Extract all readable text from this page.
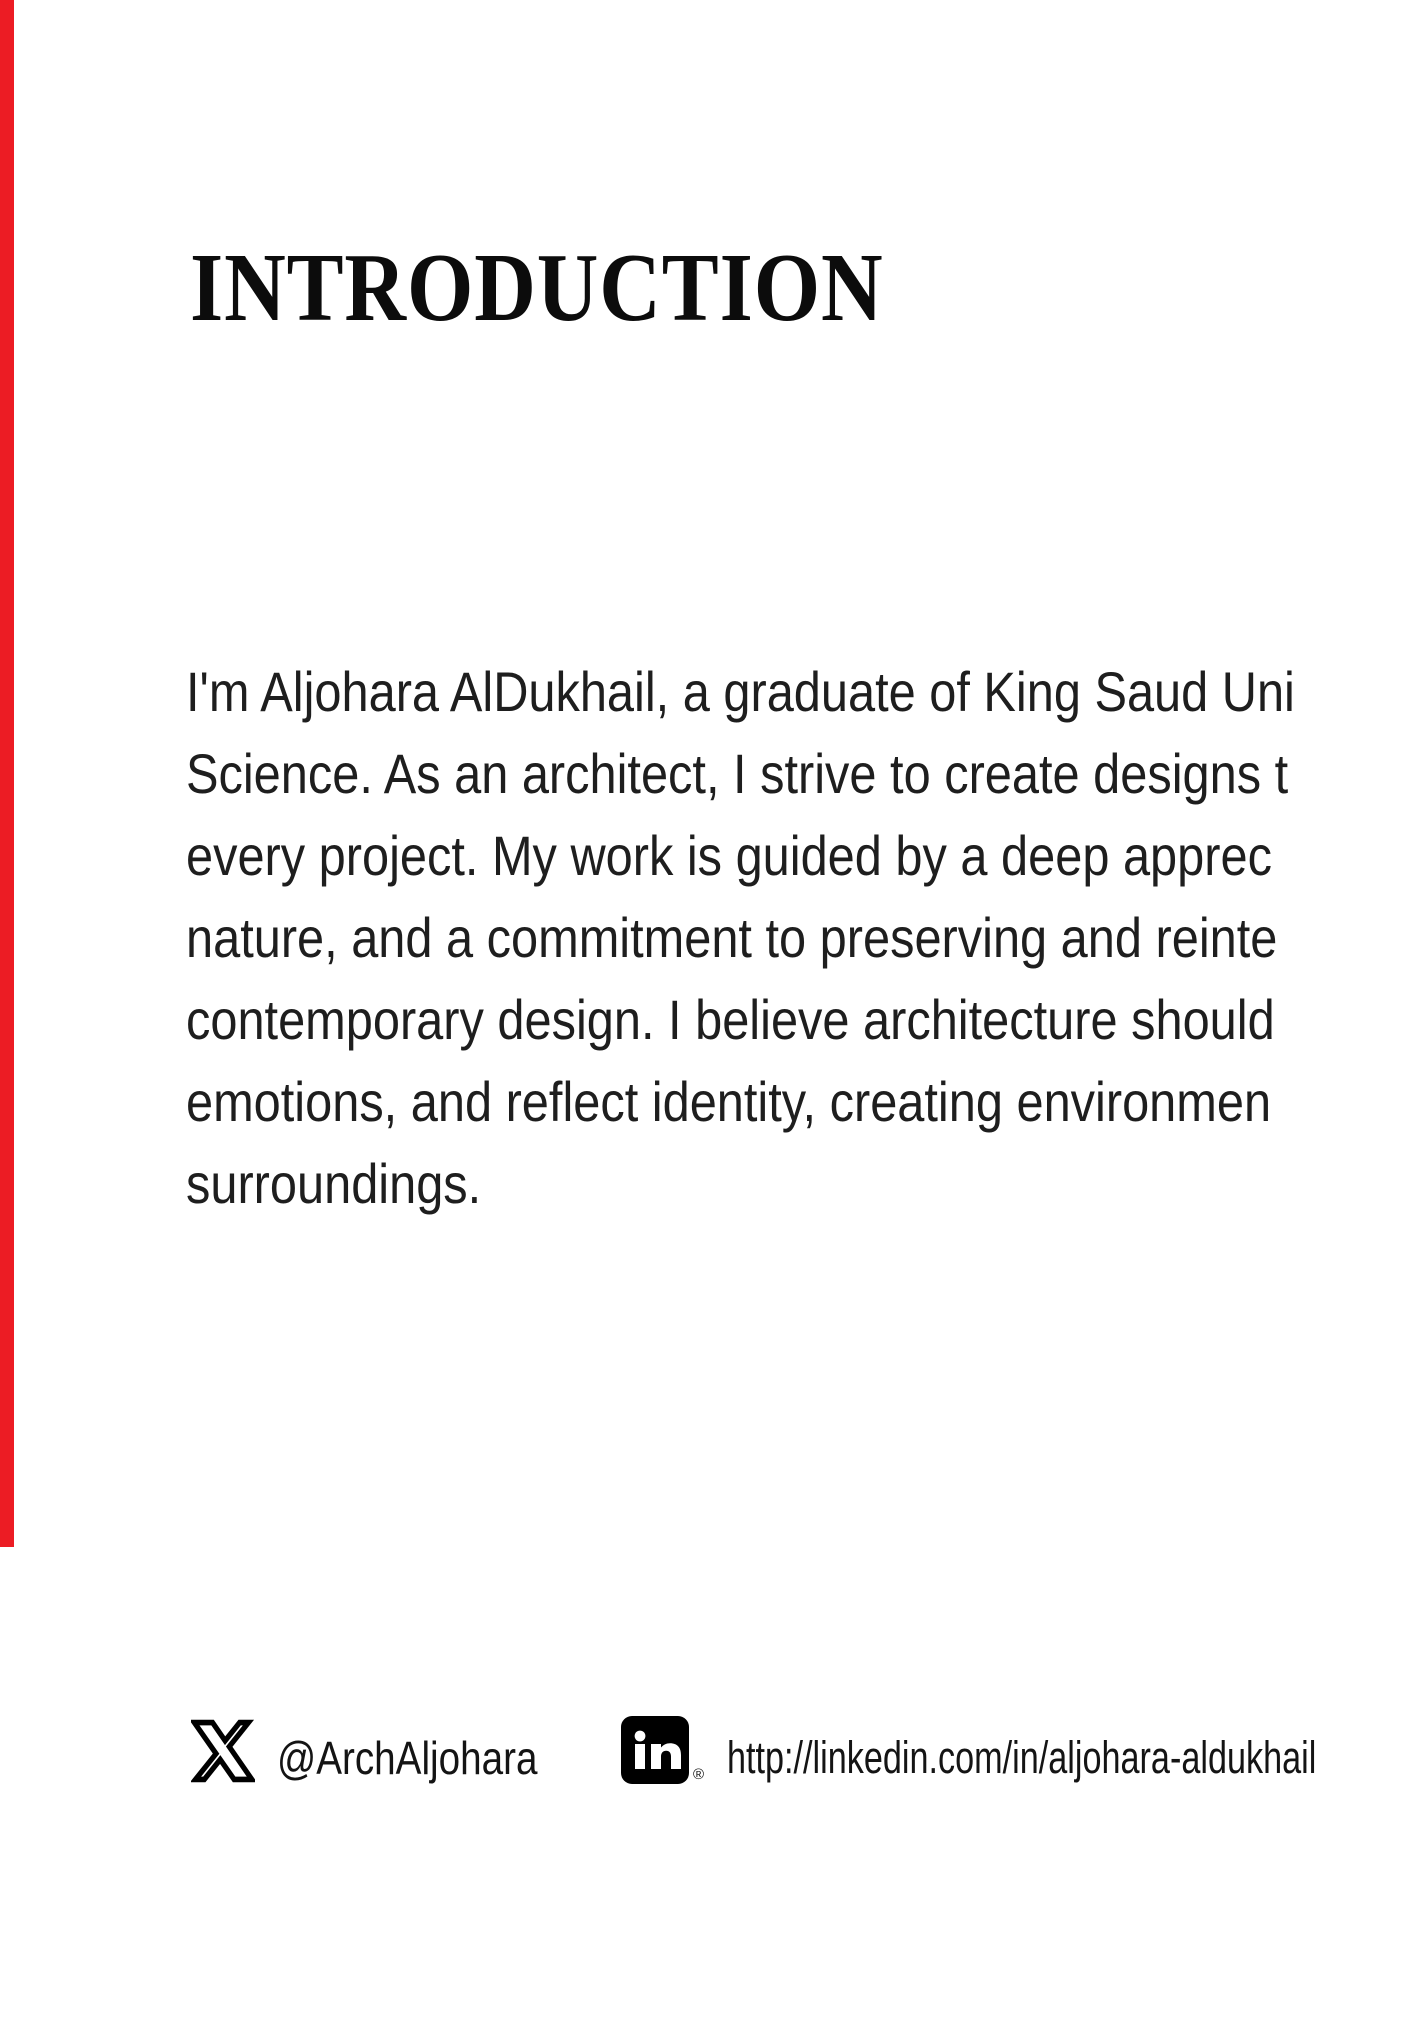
INTRODUCTION
I'm Aljohara AlDukhail, a graduate of King Saud Uni
Science. As an architect, I strive to create designs t
every project. My work is guided by a deep apprec
nature, and a commitment to preserving and reinte
contemporary design. I believe architecture should
emotions, and reflect identity, creating environmen
surroundings.
@ArchAljohara	® http://linkedin.com/in/aljohara-aldukhail
